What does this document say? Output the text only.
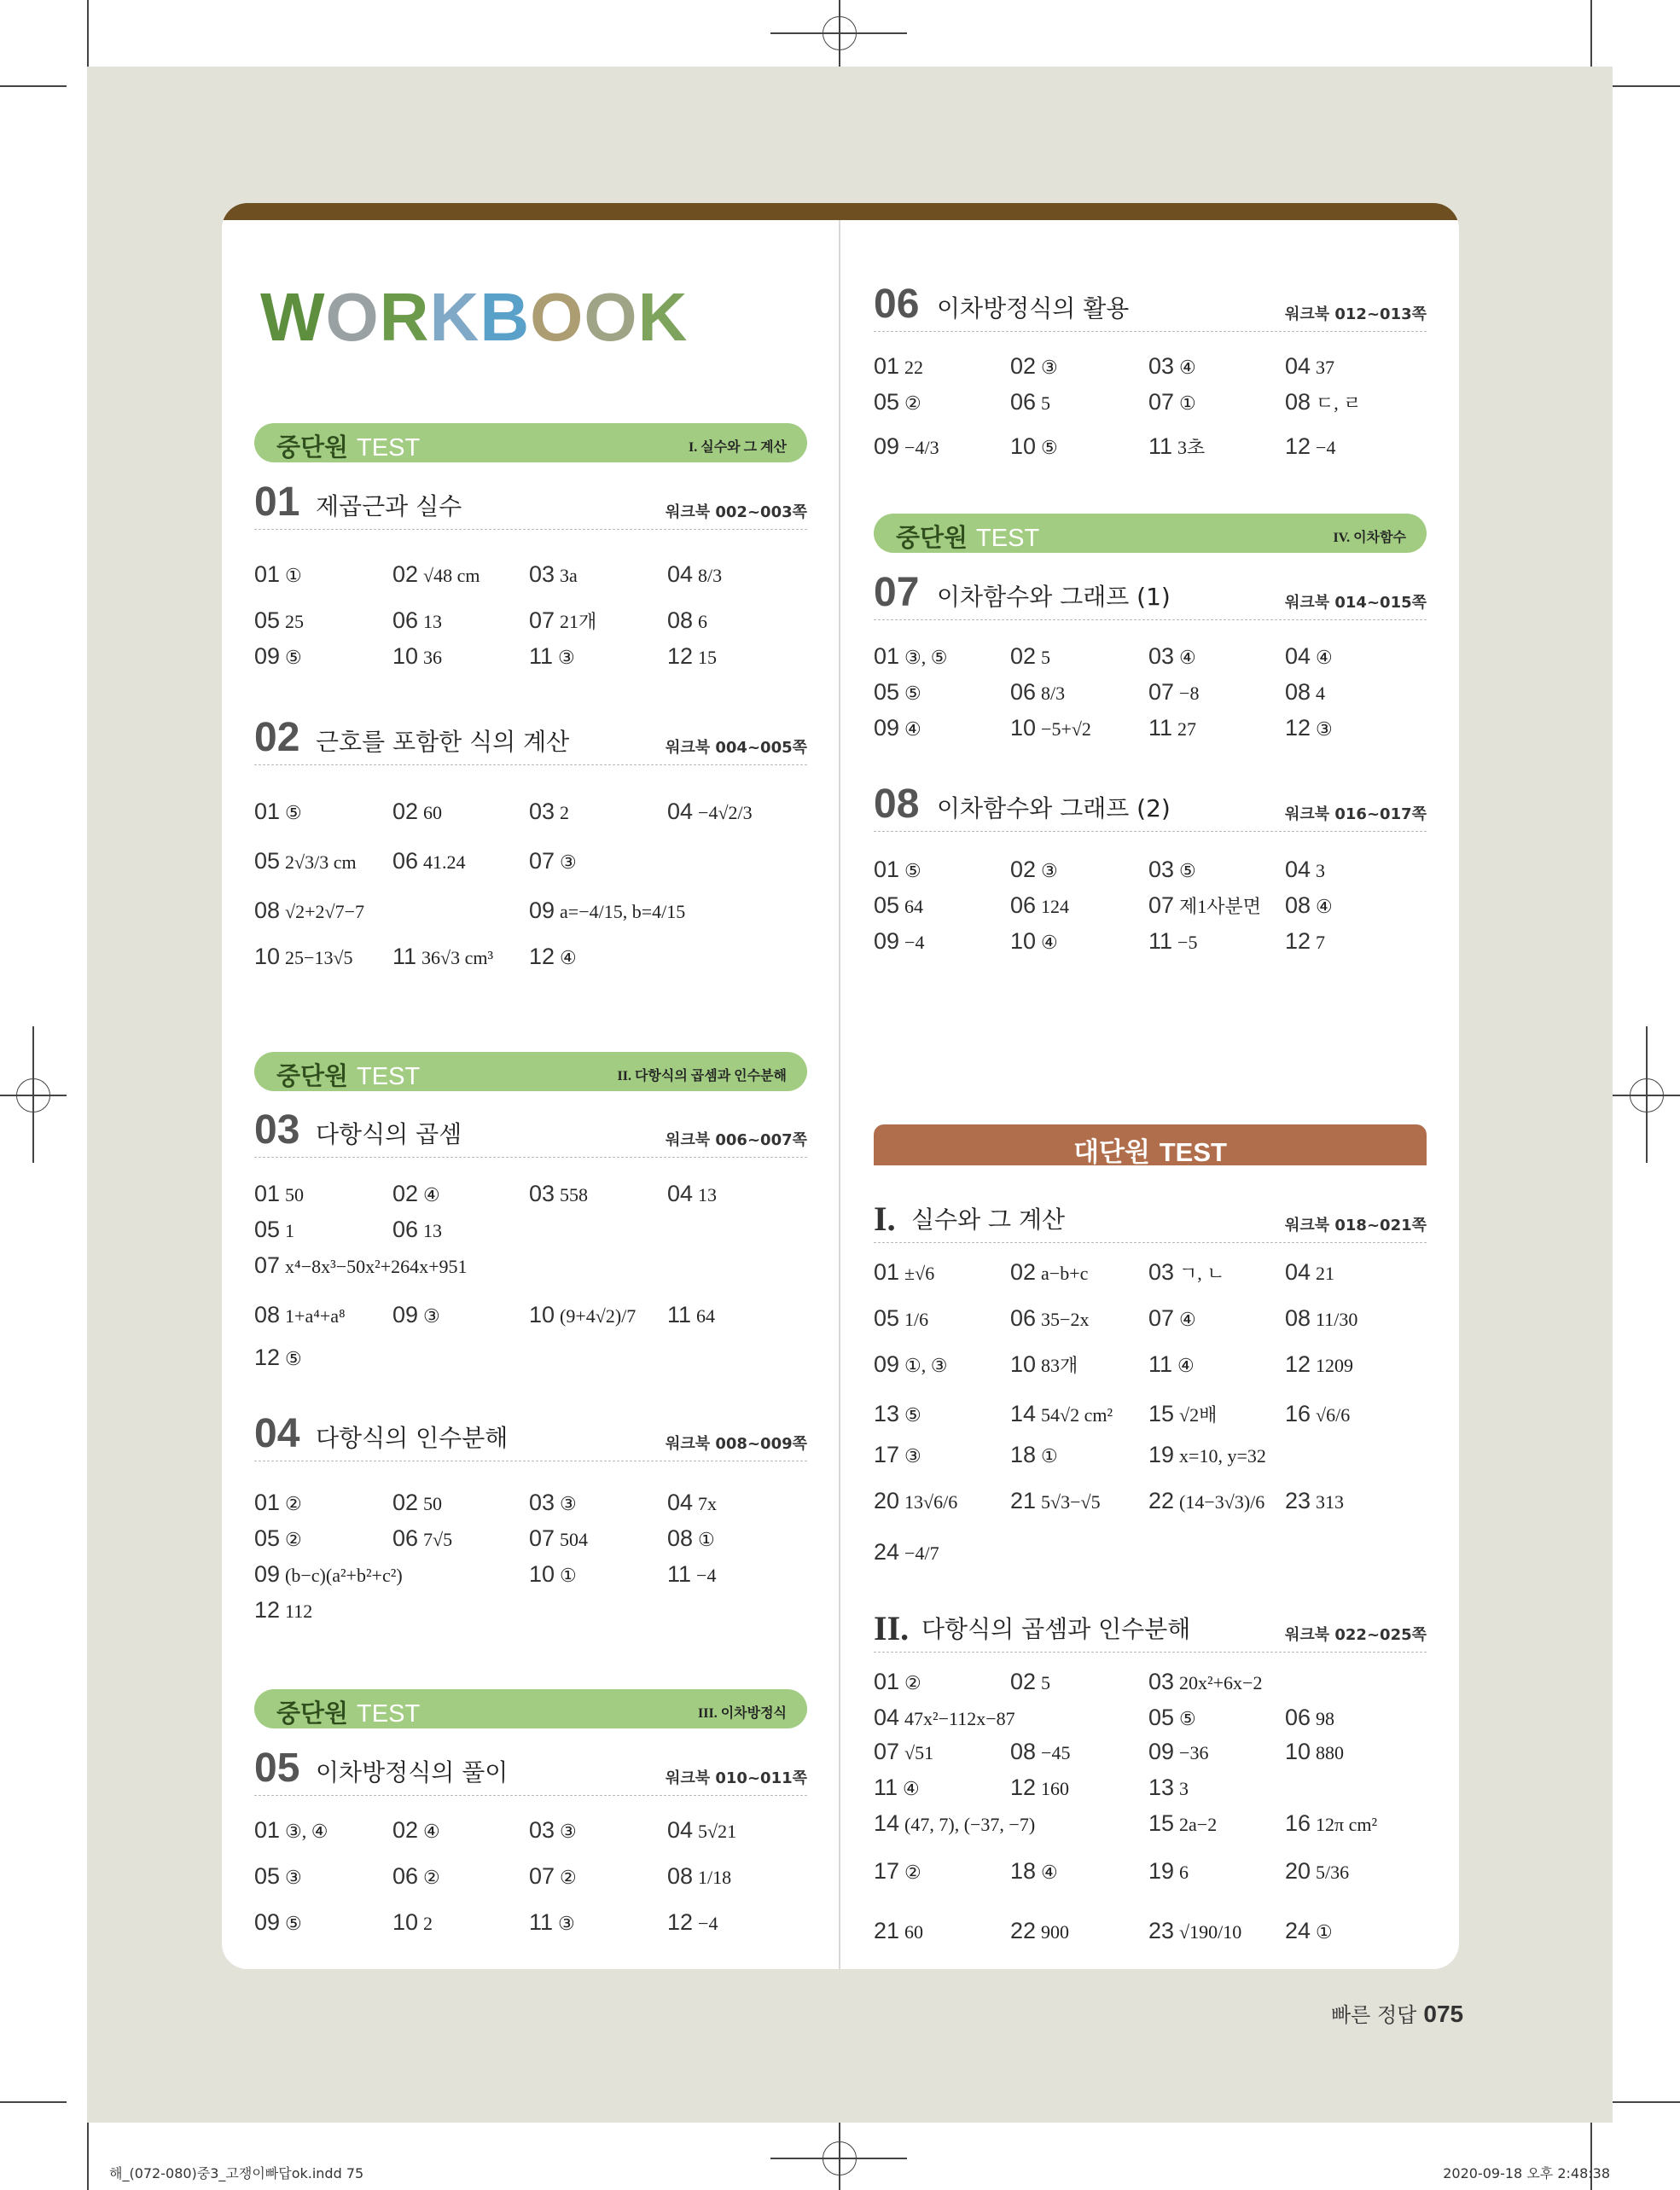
WORKBOOK
중단원 TEST	I. 실수와 그 계산
01 제곱근과 실수	워크북 002~003쪽
01 ①	02 √48 cm 03 3a	04 8/3
05 25	06 13	07 21개	08 6
09 ⑤	10 36	11 ③	12 15
02 근호를 포함한 식의 계산	워크북 004~005쪽
01 ⑤	02 60	03 2	04 −4√2/3
05 2√3/3 cm 06 41.24	07 ③
08 √2+2√7−7	09 a=−4/15, b=4/15
10 25−13√5 11 36√3 cm³ 12 ④
중단원 TEST	II. 다항식의 곱셈과 인수분해
03 다항식의 곱셈	워크북 006~007쪽
01 50	02 ④	03 558	04 13
05 1	06 13
07 x⁴−8x³−50x²+264x+951
08 1+a⁴+a⁸ 09 ③	10 (9+4√2)/7 11 64
12 ⑤
04 다항식의 인수분해	워크북 008~009쪽
01 ②	02 50	03 ③	04 7x
05 ②	06 7√5	07 504	08 ①
09 (b−c)(a²+b²+c²)	10 ①	11 −4
12 112
중단원 TEST	III. 이차방정식
05 이차방정식의 풀이	워크북 010~011쪽
01 ③, ④	02 ④	03 ③	04 5√21
05 ③	06 ②	07 ②	08 1/18
09 ⑤	10 2	11 ③	12 −4
06 이차방정식의 활용	워크북 012~013쪽
01 22	02 ③	03 ④	04 37
05 ②	06 5	07 ①	08 ㄷ, ㄹ
09 −4/3	10 ⑤	11 3초	12 −4
중단원 TEST	IV. 이차함수
07 이차함수와 그래프 (1)	워크북 014~015쪽
01 ③, ⑤	02 5	03 ④	04 ④
05 ⑤	06 8/3	07 −8	08 4
09 ④	10 −5+√2 11 27	12 ③
08 이차함수와 그래프 (2)	워크북 016~017쪽
01 ⑤	02 ③	03 ⑤	04 3
05 64	06 124	07 제1사분면 08 ④
09 −4	10 ④	11 −5	12 7
대단원 TEST
I. 실수와 그 계산	워크북 018~021쪽
01 ±√6	02 a−b+c	03 ㄱ, ㄴ	04 21
05 1/6	06 35−2x	07 ④	08 11/30
09 ①, ③	10 83개	11 ④	12 1209
13 ⑤	14 54√2 cm² 15 √2배	16 √6/6
17 ③	18 ①	19 x=10, y=32
20 13√6/6 21 5√3−√5 22 (14−3√3)/6 23 313
24 −4/7
II. 다항식의 곱셈과 인수분해	워크북 022~025쪽
01 ②	02 5	03 20x²+6x−2
04 47x²−112x−87	05 ⑤	06 98
07 √51	08 −45	09 −36	10 880
11 ④	12 160	13 3
14 (47, 7), (−37, −7)	15 2a−2	16 12π cm²
17 ②	18 ④	19 6	20 5/36
21 60	22 900	23 √190/10 24 ①
빠른 정답 075
해_(072-080)중3_고쟁이빠답ok.indd 75	2020-09-18 오후 2:48:38
